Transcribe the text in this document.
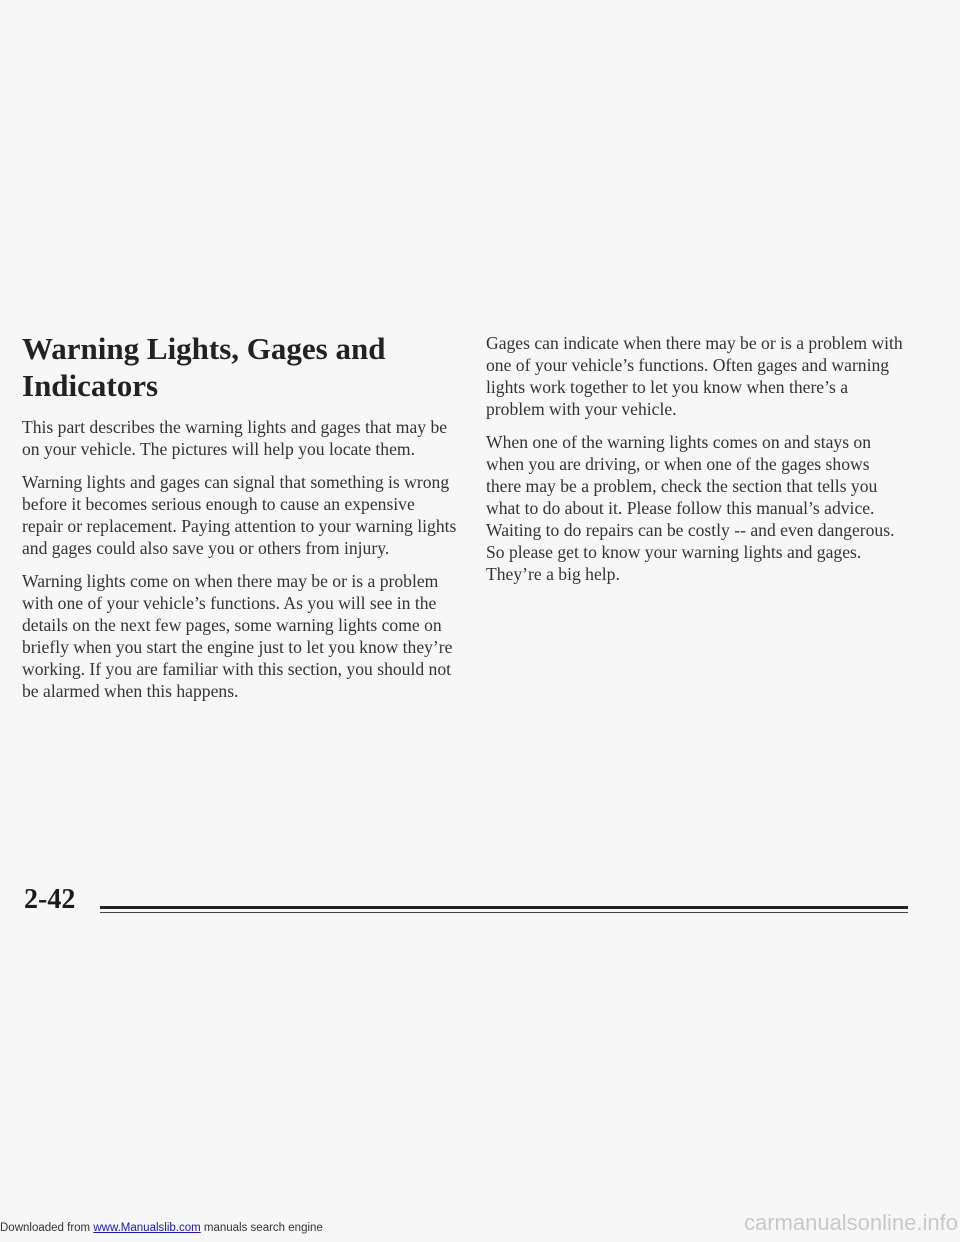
Warning Lights, Gages and Indicators

This part describes the warning lights and gages that may be on your vehicle. The pictures will help you locate them.

Warning lights and gages can signal that something is wrong before it becomes serious enough to cause an expensive repair or replacement. Paying attention to your warning lights and gages could also save you or others from injury.

Warning lights come on when there may be or is a problem with one of your vehicle’s functions. As you will see in the details on the next few pages, some warning lights come on briefly when you start the engine just to let you know they’re working. If you are familiar with this section, you should not be alarmed when this happens.

Gages can indicate when there may be or is a problem with one of your vehicle’s functions. Often gages and warning lights work together to let you know when there’s a problem with your vehicle.

When one of the warning lights comes on and stays on when you are driving, or when one of the gages shows there may be a problem, check the section that tells you what to do about it. Please follow this manual’s advice. Waiting to do repairs can be costly -- and even dangerous. So please get to know your warning lights and gages. They’re a big help.

2-42
Downloaded from www.Manualslib.com manuals search engine	carmanualsonline.info
